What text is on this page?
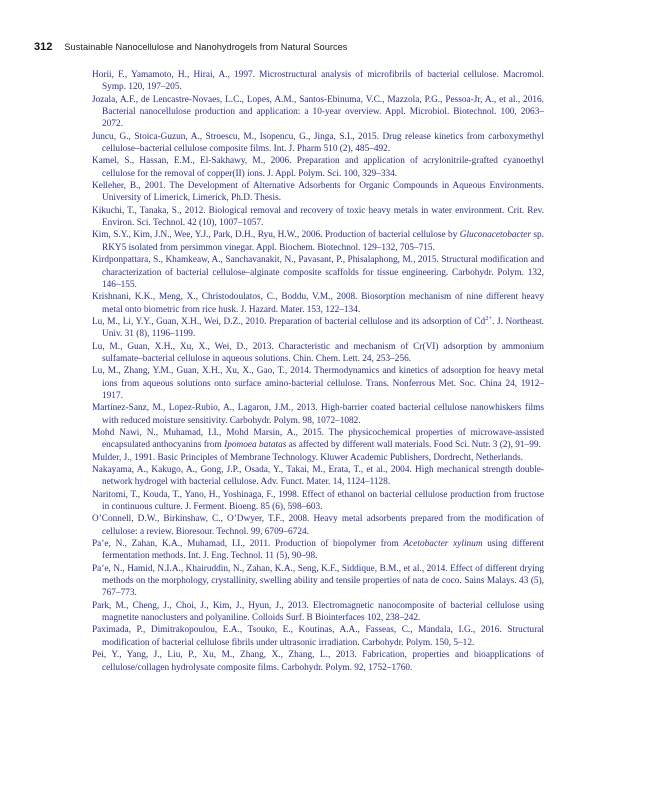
312 Sustainable Nanocellulose and Nanohydrogels from Natural Sources
Horii, F., Yamamoto, H., Hirai, A., 1997. Microstructural analysis of microfibrils of bacterial cellulose. Macromol. Symp. 120, 197–205.
Jozala, A.F., de Lencastre-Novaes, L.C., Lopes, A.M., Santos-Ebinuma, V.C., Mazzola, P.G., Pessoa-Jr, A., et al., 2016. Bacterial nanocellulose production and application: a 10-year overview. Appl. Microbiol. Biotechnol. 100, 2063–2072.
Juncu, G., Stoica-Guzun, A., Stroescu, M., Isopencu, G., Jinga, S.I., 2015. Drug release kinetics from carboxymethyl cellulose–bacterial cellulose composite films. Int. J. Pharm 510 (2), 485–492.
Kamel, S., Hassan, E.M., El-Sakhawy, M., 2006. Preparation and application of acrylonitrile-grafted cyanoethyl cellulose for the removal of copper(II) ions. J. Appl. Polym. Sci. 100, 329–334.
Kelleher, B., 2001. The Development of Alternative Adsorbents for Organic Compounds in Aqueous Environments. University of Limerick, Limerick, Ph.D. Thesis.
Kikuchi, T., Tanaka, S., 2012. Biological removal and recovery of toxic heavy metals in water environment. Crit. Rev. Environ. Sci. Technol. 42 (10), 1007–1057.
Kim, S.Y., Kim, J.N., Wee, Y.J., Park, D.H., Ryu, H.W., 2006. Production of bacterial cellulose by Gluconacetobacter sp. RKY5 isolated from persimmon vinegar. Appl. Biochem. Biotechnol. 129–132, 705–715.
Kirdponpattara, S., Khamkeaw, A., Sanchavanakit, N., Pavasant, P., Phisalaphong, M., 2015. Structural modification and characterization of bacterial cellulose–alginate composite scaffolds for tissue engineering. Carbohydr. Polym. 132, 146–155.
Krishnani, K.K., Meng, X., Christodoulatos, C., Boddu, V.M., 2008. Biosorption mechanism of nine different heavy metal onto biometric from rice husk. J. Hazard. Mater. 153, 122–134.
Lu, M., Li, Y.Y., Guan, X.H., Wei, D.Z., 2010. Preparation of bacterial cellulose and its adsorption of $Cd^{2+}$. J. Northeast. Univ. 31 (8), 1196–1199.
Lu, M., Guan, X.H., Xu, X., Wei, D., 2013. Characteristic and mechanism of Cr(VI) adsorption by ammonium sulfamate–bacterial cellulose in aqueous solutions. Chin. Chem. Lett. 24, 253–256.
Lu, M., Zhang, Y.M., Guan, X.H., Xu, X., Gao, T., 2014. Thermodynamics and kinetics of adsorption for heavy metal ions from aqueous solutions onto surface amino-bacterial cellulose. Trans. Nonferrous Met. Soc. China 24, 1912–1917.
Martínez-Sanz, M., Lopez-Rubio, A., Lagaron, J.M., 2013. High-barrier coated bacterial cellulose nanowhiskers films with reduced moisture sensitivity. Carbohydr. Polym. 98, 1072–1082.
Mohd Nawi, N., Muhamad, I.I., Mohd Marsin, A., 2015. The physicochemical properties of microwave-assisted encapsulated anthocyanins from Ipomoea batatas as affected by different wall materials. Food Sci. Nutr. 3 (2), 91–99.
Mulder, J., 1991. Basic Principles of Membrane Technology. Kluwer Academic Publishers, Dordrecht, Netherlands.
Nakayama, A., Kakugo, A., Gong, J.P., Osada, Y., Takai, M., Erata, T., et al., 2004. High mechanical strength double-network hydrogel with bacterial cellulose. Adv. Funct. Mater. 14, 1124–1128.
Naritomi, T., Kouda, T., Yano, H., Yoshinaga, F., 1998. Effect of ethanol on bacterial cellulose production from fructose in continuous culture. J. Ferment. Bioeng. 85 (6), 598–603.
O’Connell, D.W., Birkinshaw, C., O’Dwyer, T.F., 2008. Heavy metal adsorbents prepared from the modification of cellulose: a review. Bioresour. Technol. 99, 6709–6724.
Pa’e, N., Zahan, K.A., Muhamad, I.I., 2011. Production of biopolymer from Acetobacter xylinum using different fermentation methods. Int. J. Eng. Technol. 11 (5), 90–98.
Pa’e, N., Hamid, N.I.A., Khairuddin, N., Zahan, K.A., Seng, K.F., Siddique, B.M., et al., 2014. Effect of different drying methods on the morphology, crystallinity, swelling ability and tensile properties of nata de coco. Sains Malays. 43 (5), 767–773.
Park, M., Cheng, J., Choi, J., Kim, J., Hyun, J., 2013. Electromagnetic nanocomposite of bacterial cellulose using magnetite nanoclusters and polyaniline. Colloids Surf. B Biointerfaces 102, 238–242.
Paximada, P., Dimitrakopoulou, E.A., Tsouko, E., Koutinas, A.A., Fasseas, C., Mandala, I.G., 2016. Structural modification of bacterial cellulose fibrils under ultrasonic irradiation. Carbohydr. Polym. 150, 5–12.
Pei, Y., Yang, J., Liu, P., Xu, M., Zhang, X., Zhang, L., 2013. Fabrication, properties and bioapplications of cellulose/collagen hydrolysate composite films. Carbohydr. Polym. 92, 1752–1760.
